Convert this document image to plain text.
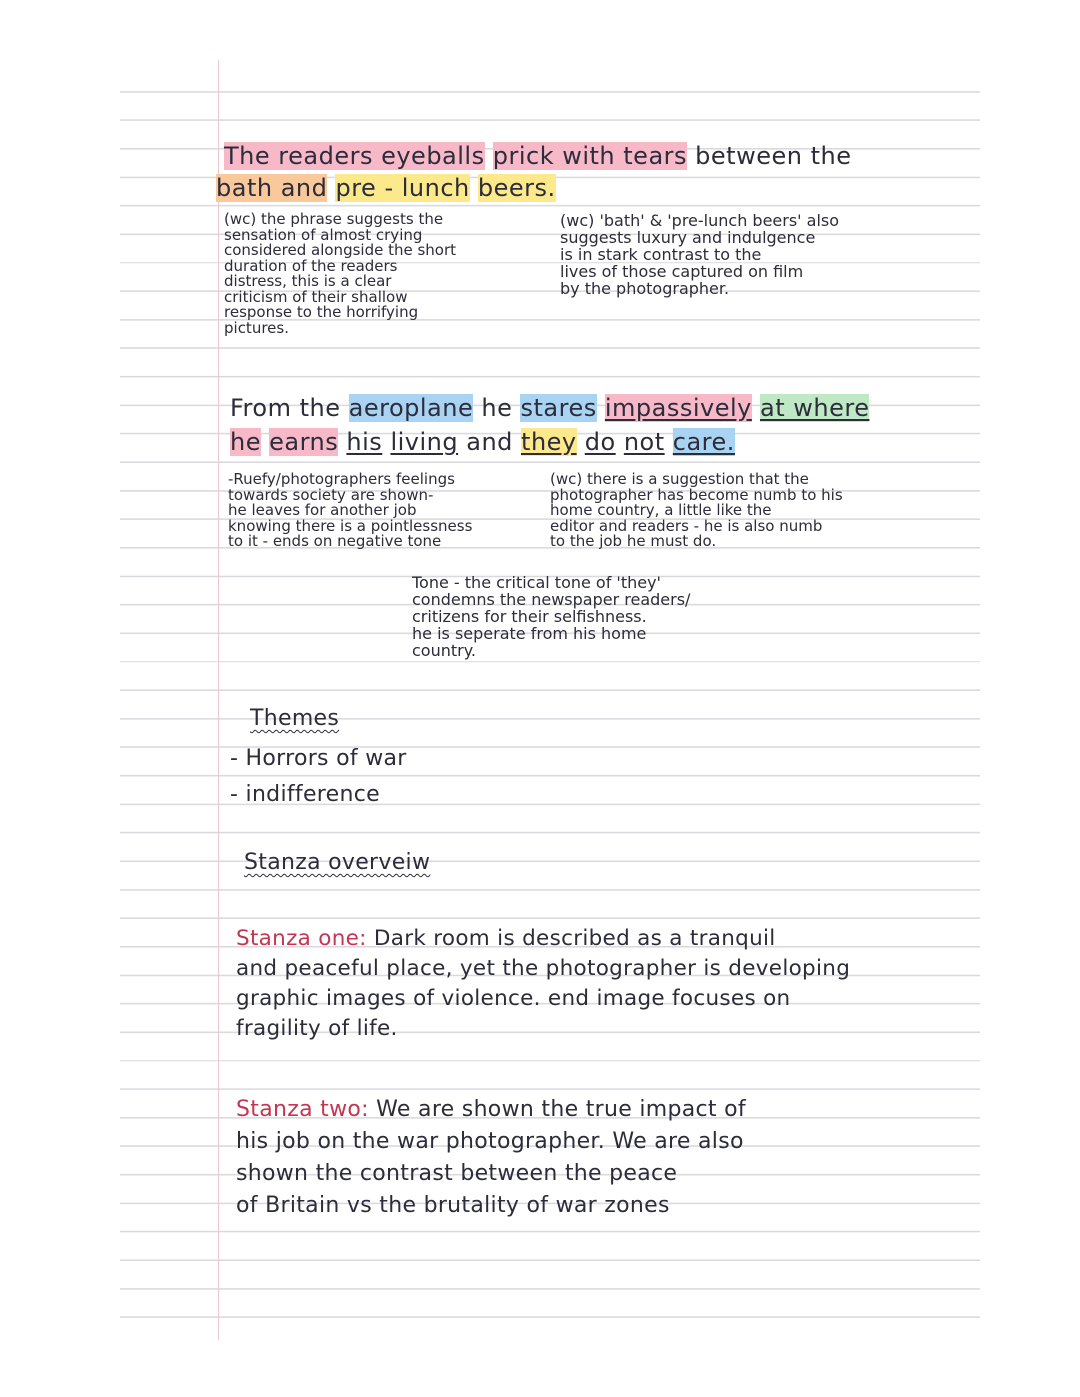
The readers eyeballs prick with tears between the
bath and pre - lunch beers.
(wc) the phrase suggests the
sensation of almost crying
considered alongside the short
duration of the readers
distress, this is a clear
criticism of their shallow
response to the horrifying
pictures.
(wc) 'bath' & 'pre-lunch beers' also
suggests luxury and indulgence
is in stark contrast to the
lives of those captured on film
by the photographer.
From the aeroplane he stares impassively at where
he earns his living and they do not care.
-Ruefy/photographers feelings
towards society are shown-
he leaves for another job
knowing there is a pointlessness
to it - ends on negative tone
(wc) there is a suggestion that the
photographer has become numb to his
home country, a little like the
editor and readers - he is also numb
to the job he must do.
Tone - the critical tone of 'they'
condemns the newspaper readers/
critizens for their selfishness.
he is seperate from his home
country.
Themes
- Horrors of war
- indifference
Stanza overveiw
Stanza one: Dark room is described as a tranquil
and peaceful place, yet the photographer is developing
graphic images of violence. end image focuses on
fragility of life.
Stanza two: We are shown the true impact of
his job on the war photographer. We are also
shown the contrast between the peace
of Britain vs the brutality of war zones
